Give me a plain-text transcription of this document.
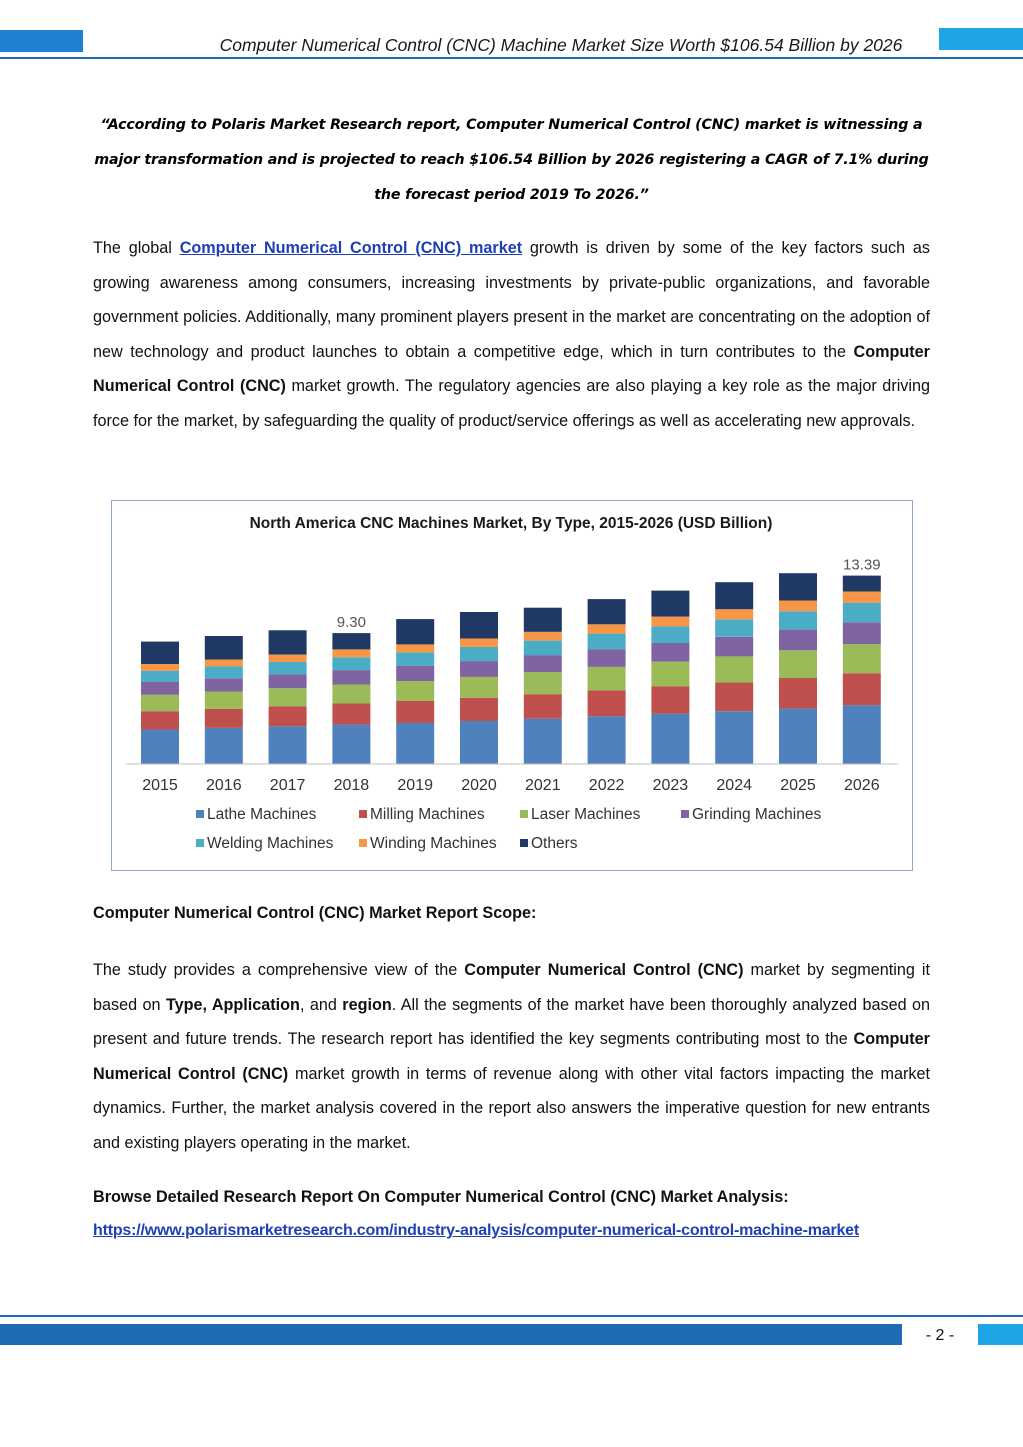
Computer Numerical Control (CNC) Machine Market Size Worth $106.54 Billion by 2026

“According to Polaris Market Research report, Computer Numerical Control (CNC) market is witnessing a major transformation and is projected to reach $106.54 Billion by 2026 registering a CAGR of 7.1% during the forecast period 2019 To 2026.”

The global Computer Numerical Control (CNC) market growth is driven by some of the key factors such as growing awareness among consumers, increasing investments by private-public organizations, and favorable government policies. Additionally, many prominent players present in the market are concentrating on the adoption of new technology and product launches to obtain a competitive edge, which in turn contributes to the Computer Numerical Control (CNC) market growth. The regulatory agencies are also playing a key role as the major driving force for the market, by safeguarding the quality of product/service offerings as well as accelerating new approvals.

North America CNC Machines Market, By Type, 2015-2026 (USD Billion)
2015 2016 2017 2018 2019 2020 2021 2022 2023 2024 2025 2026
9.30
13.39
Lathe Machines	Milling Machines	Laser Machines	Grinding Machines
Welding Machines Winding Machines Others

Computer Numerical Control (CNC) Market Report Scope:

The study provides a comprehensive view of the Computer Numerical Control (CNC) market by segmenting it based on Type, Application, and region. All the segments of the market have been thoroughly analyzed based on present and future trends. The research report has identified the key segments contributing most to the Computer Numerical Control (CNC) market growth in terms of revenue along with other vital factors impacting the market dynamics. Further, the market analysis covered in the report also answers the imperative question for new entrants and existing players operating in the market.

Browse Detailed Research Report On Computer Numerical Control (CNC) Market Analysis:

https://www.polarismarketresearch.com/industry-analysis/computer-numerical-control-machine-market
- 2 -
